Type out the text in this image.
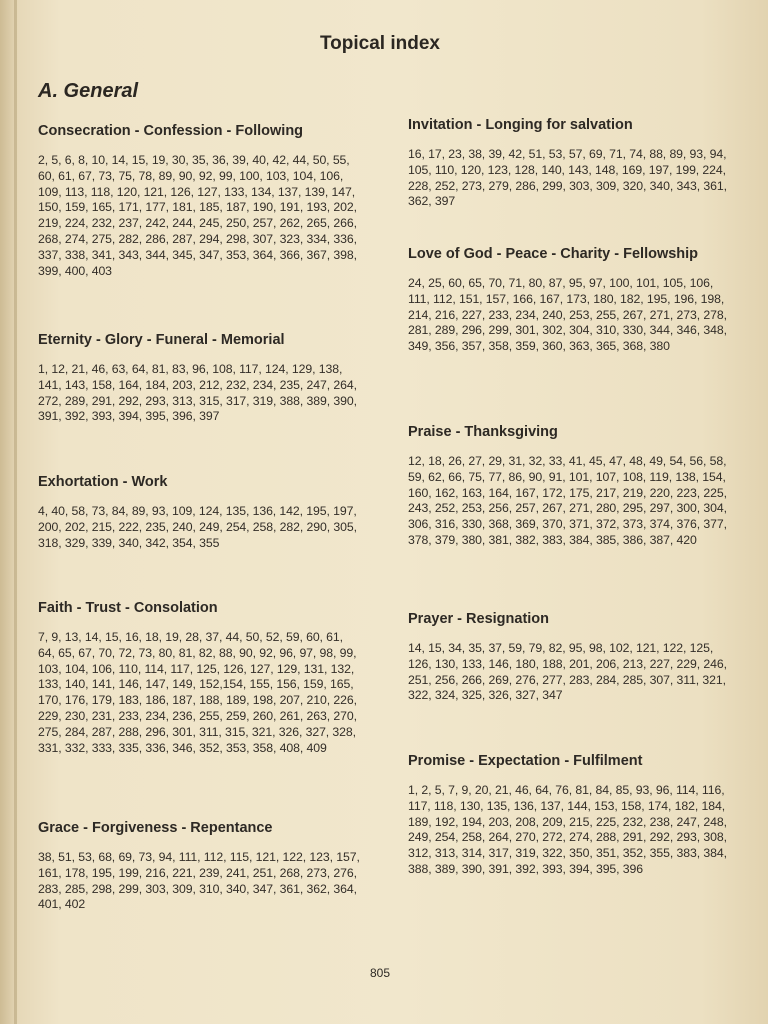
Topical index
A. General
Consecration - Confession - Following

2, 5, 6, 8, 10, 14, 15, 19, 30, 35, 36, 39, 40, 42, 44, 50, 55, 60, 61, 67, 73, 75, 78, 89, 90, 92, 99, 100, 103, 104, 106, 109, 113, 118, 120, 121, 126, 127, 133, 134, 137, 139, 147, 150, 159, 165, 171, 177, 181, 185, 187, 190, 191, 193, 202, 219, 224, 232, 237, 242, 244, 245, 250, 257, 262, 265, 266, 268, 274, 275, 282, 286, 287, 294, 298, 307, 323, 334, 336, 337, 338, 341, 343, 344, 345, 347, 353, 364, 366, 367, 398, 399, 400, 403

Eternity - Glory - Funeral - Memorial

1, 12, 21, 46, 63, 64, 81, 83, 96, 108, 117, 124, 129, 138, 141, 143, 158, 164, 184, 203, 212, 232, 234, 235, 247, 264, 272, 289, 291, 292, 293, 313, 315, 317, 319, 388, 389, 390, 391, 392, 393, 394, 395, 396, 397

Exhortation - Work

4, 40, 58, 73, 84, 89, 93, 109, 124, 135, 136, 142, 195, 197, 200, 202, 215, 222, 235, 240, 249, 254, 258, 282, 290, 305, 318, 329, 339, 340, 342, 354, 355

Faith - Trust - Consolation

7, 9, 13, 14, 15, 16, 18, 19, 28, 37, 44, 50, 52, 59, 60, 61, 64, 65, 67, 70, 72, 73, 80, 81, 82, 88, 90, 92, 96, 97, 98, 99, 103, 104, 106, 110, 114, 117, 125, 126, 127, 129, 131, 132, 133, 140, 141, 146, 147, 149, 152,154, 155, 156, 159, 165, 170, 176, 179, 183, 186, 187, 188, 189, 198, 207, 210, 226, 229, 230, 231, 233, 234, 236, 255, 259, 260, 261, 263, 270, 275, 284, 287, 288, 296, 301, 311, 315, 321, 326, 327, 328, 331, 332, 333, 335, 336, 346, 352, 353, 358, 408, 409

Grace - Forgiveness - Repentance

38, 51, 53, 68, 69, 73, 94, 111, 112, 115, 121, 122, 123, 157, 161, 178, 195, 199, 216, 221, 239, 241, 251, 268, 273, 276, 283, 285, 298, 299, 303, 309, 310, 340, 347, 361, 362, 364, 401, 402

Invitation - Longing for salvation

16, 17, 23, 38, 39, 42, 51, 53, 57, 69, 71, 74, 88, 89, 93, 94, 105, 110, 120, 123, 128, 140, 143, 148, 169, 197, 199, 224, 228, 252, 273, 279, 286, 299, 303, 309, 320, 340, 343, 361, 362, 397

Love of God - Peace - Charity - Fellowship

24, 25, 60, 65, 70, 71, 80, 87, 95, 97, 100, 101, 105, 106, 111, 112, 151, 157, 166, 167, 173, 180, 182, 195, 196, 198, 214, 216, 227, 233, 234, 240, 253, 255, 267, 271, 273, 278, 281, 289, 296, 299, 301, 302, 304, 310, 330, 344, 346, 348, 349, 356, 357, 358, 359, 360, 363, 365, 368, 380

Praise - Thanksgiving

12, 18, 26, 27, 29, 31, 32, 33, 41, 45, 47, 48, 49, 54, 56, 58, 59, 62, 66, 75, 77, 86, 90, 91, 101, 107, 108, 119, 138, 154, 160, 162, 163, 164, 167, 172, 175, 217, 219, 220, 223, 225, 243, 252, 253, 256, 257, 267, 271, 280, 295, 297, 300, 304, 306, 316, 330, 368, 369, 370, 371, 372, 373, 374, 376, 377, 378, 379, 380, 381, 382, 383, 384, 385, 386, 387, 420

Prayer - Resignation

14, 15, 34, 35, 37, 59, 79, 82, 95, 98, 102, 121, 122, 125, 126, 130, 133, 146, 180, 188, 201, 206, 213, 227, 229, 246, 251, 256, 266, 269, 276, 277, 283, 284, 285, 307, 311, 321, 322, 324, 325, 326, 327, 347

Promise - Expectation - Fulfilment

1, 2, 5, 7, 9, 20, 21, 46, 64, 76, 81, 84, 85, 93, 96, 114, 116, 117, 118, 130, 135, 136, 137, 144, 153, 158, 174, 182, 184, 189, 192, 194, 203, 208, 209, 215, 225, 232, 238, 247, 248, 249, 254, 258, 264, 270, 272, 274, 288, 291, 292, 293, 308, 312, 313, 314, 317, 319, 322, 350, 351, 352, 355, 383, 384, 388, 389, 390, 391, 392, 393, 394, 395, 396

805
